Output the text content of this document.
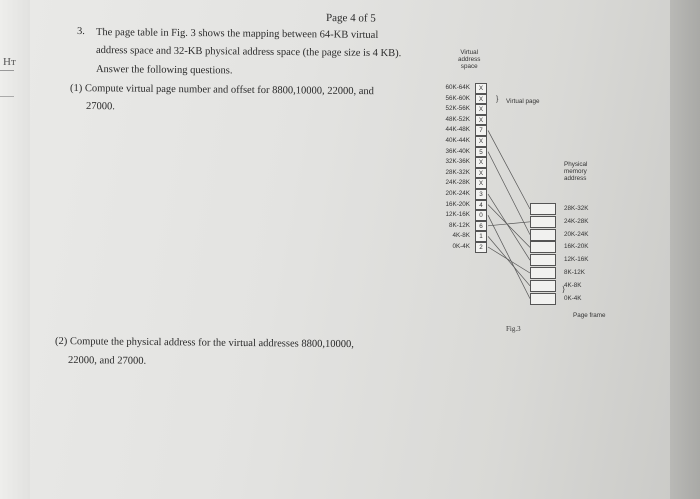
Hт
Page 4 of 5
3. The page table in Fig. 3 shows the mapping between 64-KB virtual
address space and 32-KB physical address space (the page size is 4 KB).
Answer the following questions.
(1) Compute virtual page number and offset for 8800,10000, 22000, and
27000.
(2) Compute the physical address for the virtual addresses 8800,10000,
22000, and 27000.
Virtual
address
space
} Virtual page
Physical
memory
address
60K-64K	X
56K-60K	X
52K-56K	X
48K-52K	X
44K-48K	7
40K-44K	X
36K-40K	5
32K-36K	X
28K-32K	X
24K-28K	X
20K-24K	3
16K-20K	4
12K-16K	0
8K-12K	6
4K-8K	1
0K-4K	2
28K-32K
24K-28K
20K-24K
16K-20K
12K-16K
8K-12K
4K-8K
0K-4K
⟩
Page frame
Fig.3
